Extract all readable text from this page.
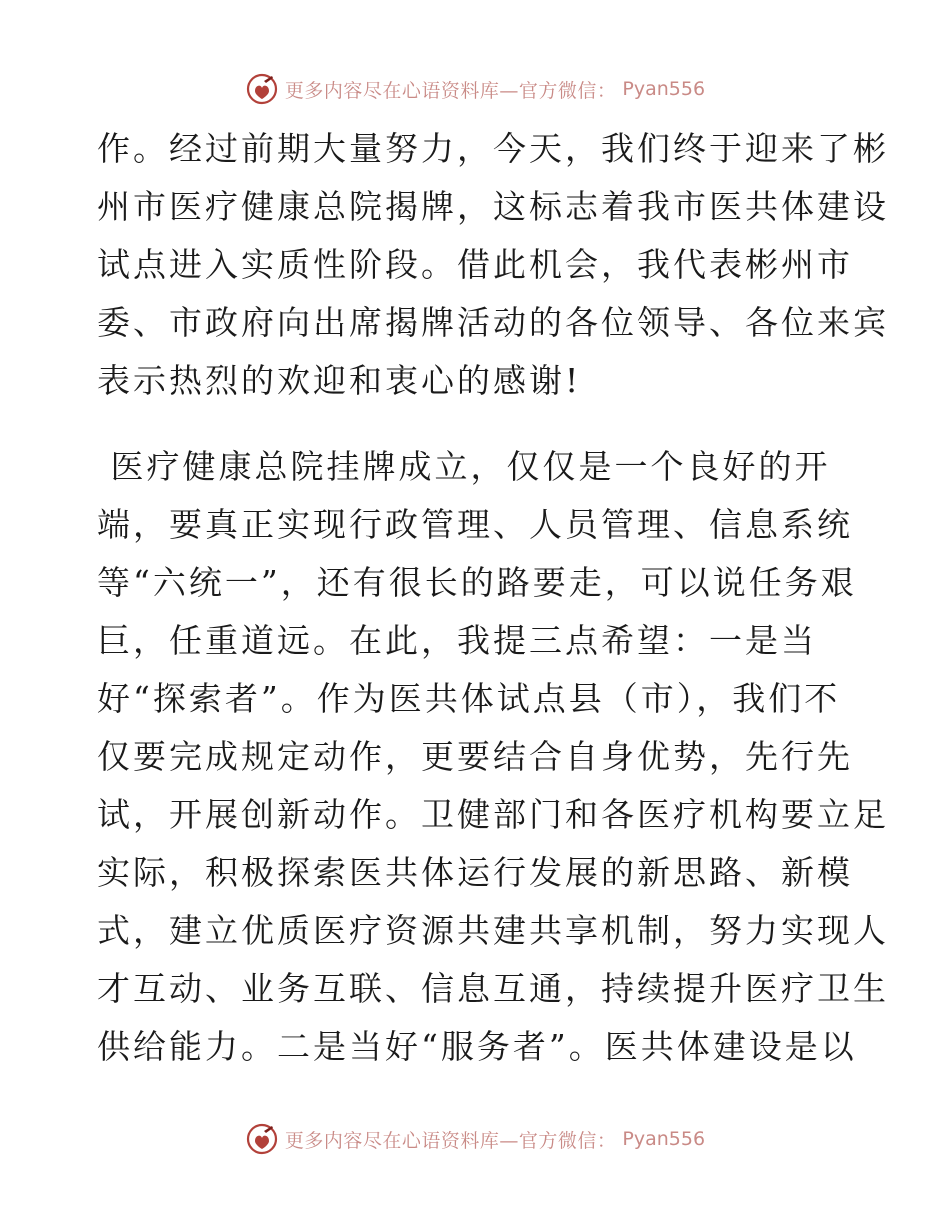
更多内容尽在心语资料库—官方微信： Pyan556
作。经过前期大量努力，今天，我们终于迎来了彬
州市医疗健康总院揭牌，这标志着我市医共体建设
试点进入实质性阶段。借此机会，我代表彬州市
委、市政府向出席揭牌活动的各位领导、各位来宾
表示热烈的欢迎和衷心的感谢!
医疗健康总院挂牌成立，仅仅是一个良好的开
端，要真正实现行政管理、人员管理、信息系统
等“六统一”，还有很长的路要走，可以说任务艰
巨，任重道远。在此，我提三点希望：一是当
好“探索者”。作为医共体试点县（市），我们不
仅要完成规定动作，更要结合自身优势，先行先
试，开展创新动作。卫健部门和各医疗机构要立足
实际，积极探索医共体运行发展的新思路、新模
式，建立优质医疗资源共建共享机制，努力实现人
才互动、业务互联、信息互通，持续提升医疗卫生
供给能力。二是当好“服务者”。医共体建设是以
更多内容尽在心语资料库—官方微信： Pyan556
